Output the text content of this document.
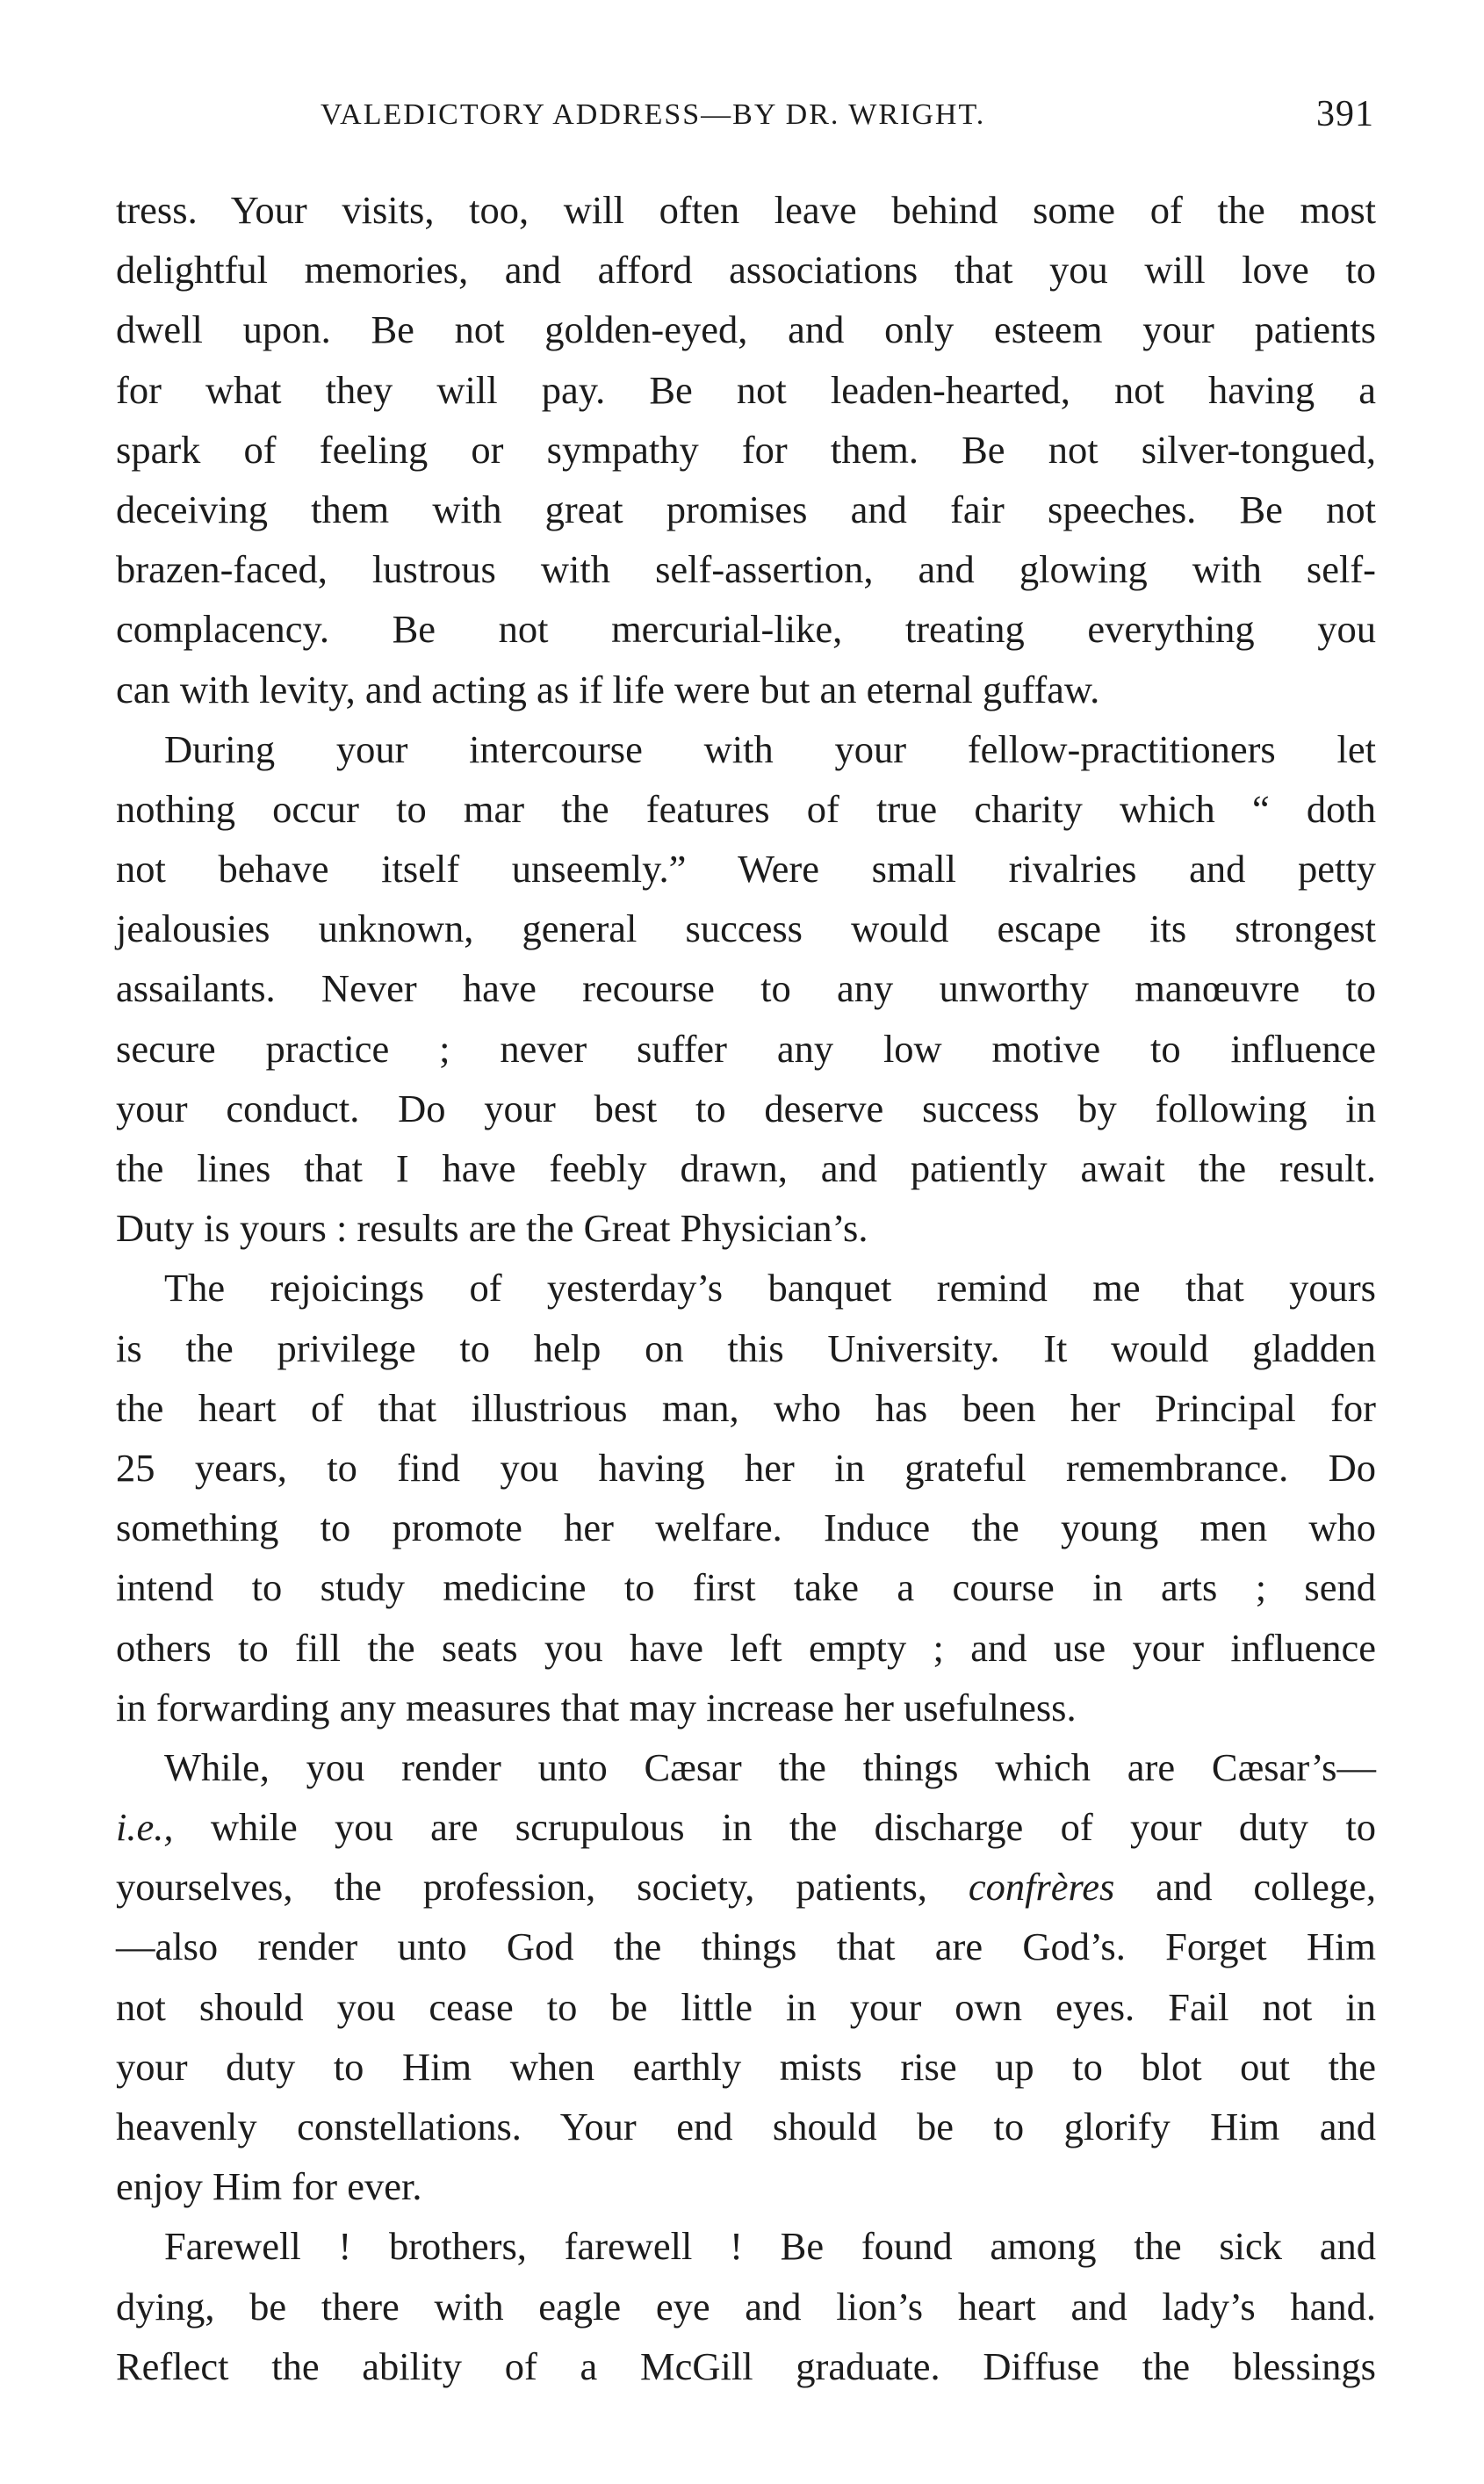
VALEDICTORY ADDRESS—BY DR. WRIGHT.	391
tress. Your visits, too, will often leave behind some of the most
delightful memories, and afford associations that you will love to
dwell upon. Be not golden-eyed, and only esteem your patients
for what they will pay. Be not leaden-hearted, not having a
spark of feeling or sympathy for them. Be not silver-tongued,
deceiving them with great promises and fair speeches. Be not
brazen-faced, lustrous with self-assertion, and glowing with self-
complacency. Be not mercurial-like, treating everything you
can with levity, and acting as if life were but an eternal guffaw.
During your intercourse with your fellow-practitioners let
nothing occur to mar the features of true charity which “ doth
not behave itself unseemly.” Were small rivalries and petty
jealousies unknown, general success would escape its strongest
assailants. Never have recourse to any unworthy manœuvre to
secure practice ; never suffer any low motive to influence
your conduct. Do your best to deserve success by following in
the lines that I have feebly drawn, and patiently await the result.
Duty is yours : results are the Great Physician’s.
The rejoicings of yesterday’s banquet remind me that yours
is the privilege to help on this University. It would gladden
the heart of that illustrious man, who has been her Principal for
25 years, to find you having her in grateful remembrance. Do
something to promote her welfare. Induce the young men who
intend to study medicine to first take a course in arts ; send
others to fill the seats you have left empty ; and use your influence
in forwarding any measures that may increase her usefulness.
While, you render unto Cæsar the things which are Cæsar’s—
i.e., while you are scrupulous in the discharge of your duty to
yourselves, the profession, society, patients, confrères and college,
—also render unto God the things that are God’s. Forget Him
not should you cease to be little in your own eyes. Fail not in
your duty to Him when earthly mists rise up to blot out the
heavenly constellations. Your end should be to glorify Him and
enjoy Him for ever.
Farewell ! brothers, farewell ! Be found among the sick and
dying, be there with eagle eye and lion’s heart and lady’s hand.
Reflect the ability of a McGill graduate. Diffuse the blessings
